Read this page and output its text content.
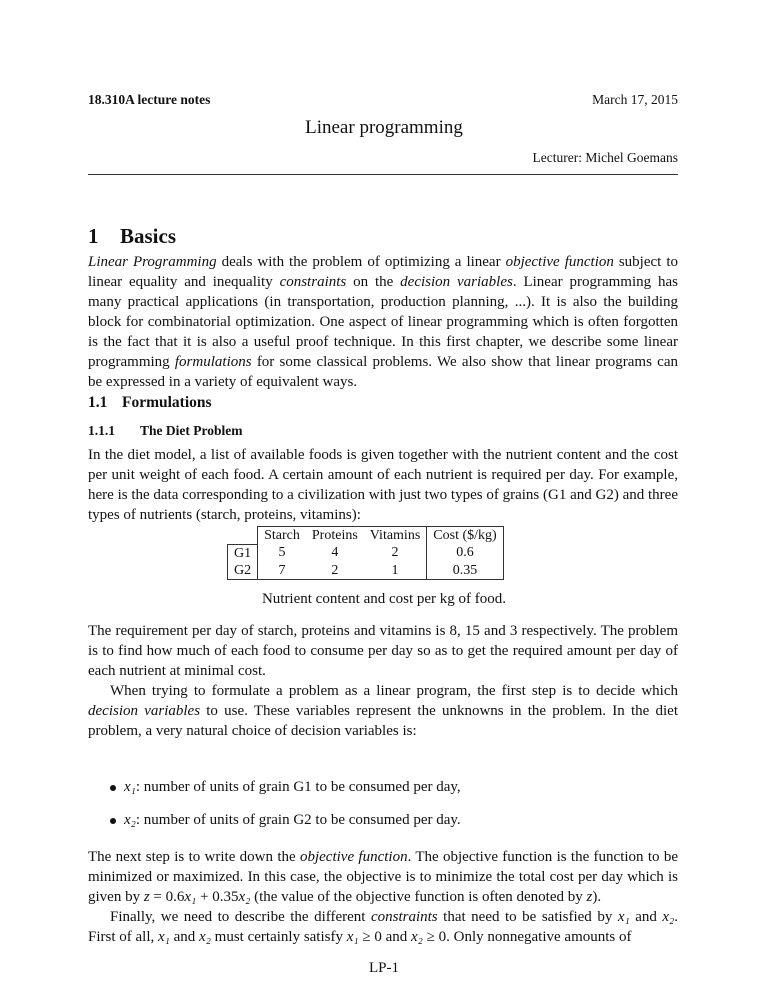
18.310A lecture notes	March 17, 2015
Linear programming
Lecturer: Michel Goemans
1 Basics
Linear Programming deals with the problem of optimizing a linear objective function subject to linear equality and inequality constraints on the decision variables. Linear programming has many practical applications (in transportation, production planning, ...). It is also the building block for combinatorial optimization. One aspect of linear programming which is often forgotten is the fact that it is also a useful proof technique. In this first chapter, we describe some linear programming formulations for some classical problems. We also show that linear programs can be expressed in a variety of equivalent ways.
1.1 Formulations
1.1.1 The Diet Problem
In the diet model, a list of available foods is given together with the nutrient content and the cost per unit weight of each food. A certain amount of each nutrient is required per day. For example, here is the data corresponding to a civilization with just two types of grains (G1 and G2) and three types of nutrients (starch, proteins, vitamins):
	Starch	Proteins	Vitamins	Cost ($/kg)
G1	5	4	2	0.6
G2	7	2	1	0.35
Nutrient content and cost per kg of food.
The requirement per day of starch, proteins and vitamins is 8, 15 and 3 respectively. The problem is to find how much of each food to consume per day so as to get the required amount per day of each nutrient at minimal cost.
When trying to formulate a problem as a linear program, the first step is to decide which decision variables to use. These variables represent the unknowns in the problem. In the diet problem, a very natural choice of decision variables is:
x₁: number of units of grain G1 to be consumed per day,
x₂: number of units of grain G2 to be consumed per day.
The next step is to write down the objective function. The objective function is the function to be minimized or maximized. In this case, the objective is to minimize the total cost per day which is given by z = 0.6x₁ + 0.35x₂ (the value of the objective function is often denoted by z).
Finally, we need to describe the different constraints that need to be satisfied by x₁ and x₂. First of all, x₁ and x₂ must certainly satisfy x₁ ≥ 0 and x₂ ≥ 0. Only nonnegative amounts of
LP-1
